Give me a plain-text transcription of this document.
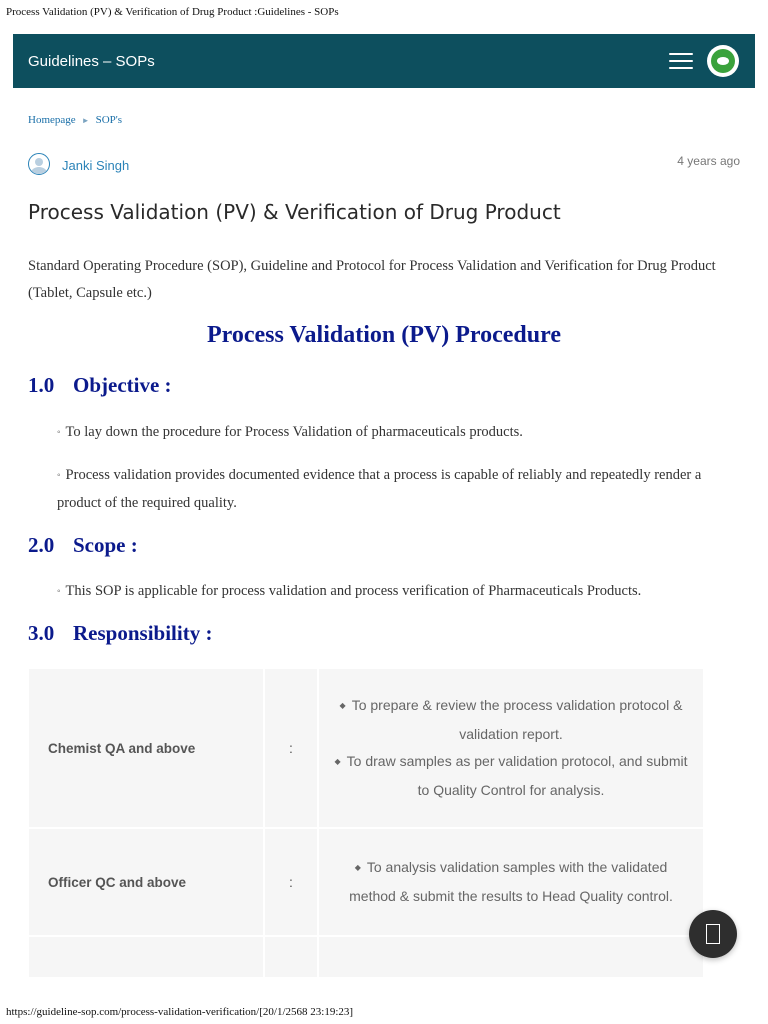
Process Validation (PV) & Verification of Drug Product :Guidelines - SOPs
Guidelines – SOPs
Homepage ► SOP's
Janki Singh	4 years ago
Process Validation (PV) & Verification of Drug Product

Standard Operating Procedure (SOP), Guideline and Protocol for Process Validation and Verification for Drug Product (Tablet, Capsule etc.)

Process Validation (PV) Procedure
1.0 Objective :

◦ To lay down the procedure for Process Validation of pharmaceuticals products.

◦ Process validation provides documented evidence that a process is capable of reliably and repeatedly render a product of the required quality.

2.0 Scope :

◦ This SOP is applicable for process validation and process verification of Pharmaceuticals Products.

3.0 Responsibility :
Chemist QA and above	:
◆ To prepare & review the process validation protocol & validation report.
◆ To draw samples as per validation protocol, and submit to Quality Control for analysis.
Officer QC and above	:
◆ To analysis validation samples with the validated method & submit the results to Head Quality control.
https://guideline-sop.com/process-validation-verification/[20/1/2568 23:19:23]
